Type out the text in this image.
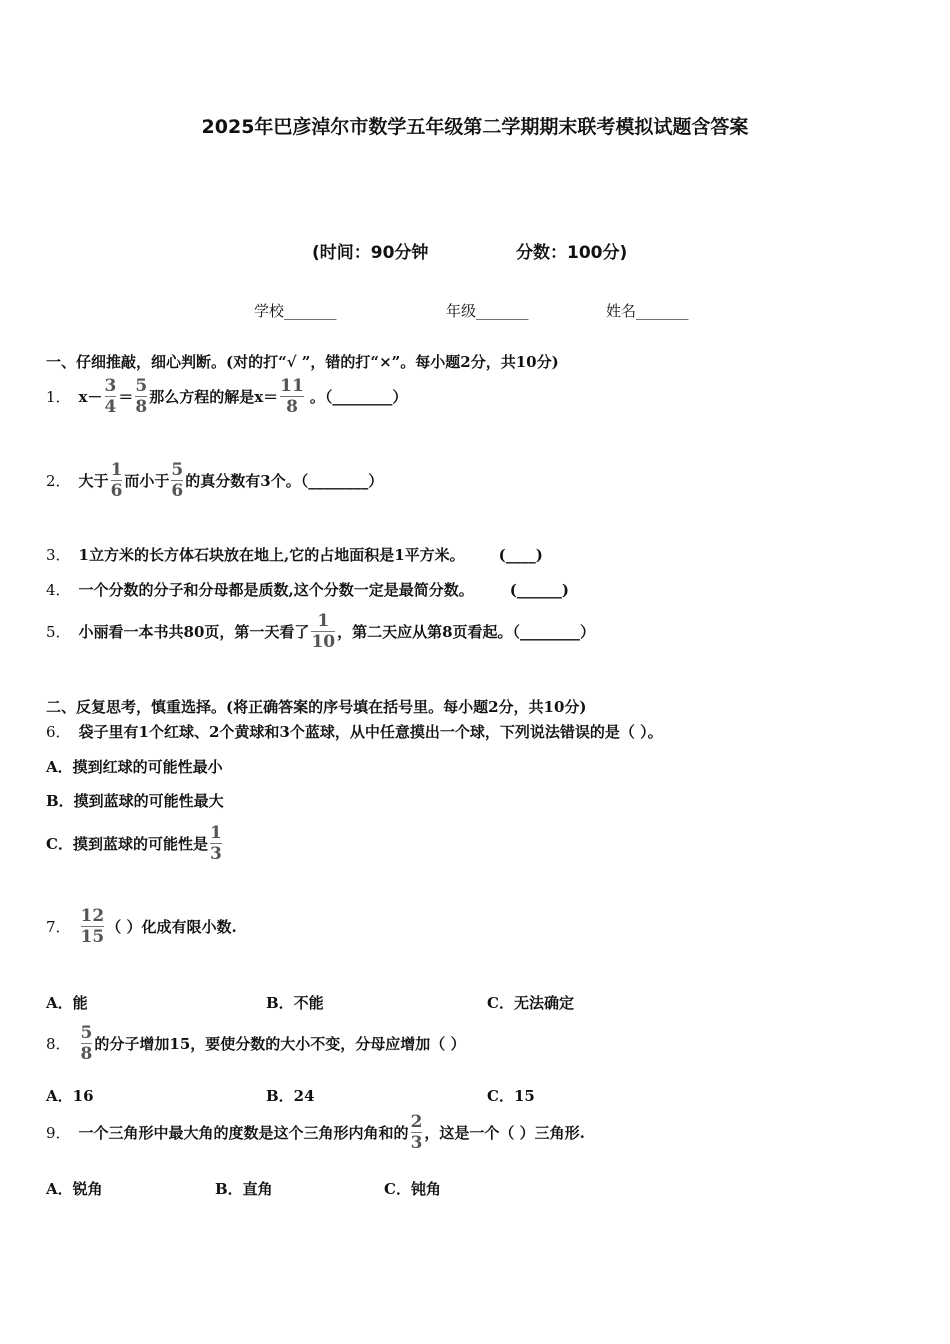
2025年巴彦淖尔市数学五年级第二学期期末联考模拟试题含答案
(时间：90分钟	分数：100分)
学校_______	年级_______	姓名_______
一、仔细推敲，细心判断。(对的打“√ ”，错的打“×”。每小题2分，共10分)
1． $x- \frac{3}{4} = \frac{5}{8}$ 那么方程的解是$x= \frac{11}{8}$ 。（________）
2． 大于 $\frac{1}{6}$ 而小于 $\frac{5}{6}$ 的真分数有3个。（________）
3． 1立方米的长方体石块放在地上,它的占地面积是1平方米。 (____)
4． 一个分数的分子和分母都是质数,这个分数一定是最简分数。 (______)
5． 小丽看一本书共80页，第一天看了 $\frac{1}{10}$ ，第二天应从第8页看起。（________）
二、反复思考，慎重选择。(将正确答案的序号填在括号里。每小题2分，共10分)
6． 袋子里有1个红球、2个黄球和3个蓝球，从中任意摸出一个球，下列说法错误的是（ ）。
A．摸到红球的可能性最小
B．摸到蓝球的可能性最大
C．摸到蓝球的可能性是 $\frac{1}{3}$
7． $\frac{12}{15}$ （ ）化成有限小数.
A．能	B．不能	C．无法确定
8． $\frac{5}{8}$ 的分子增加15，要使分数的大小不变，分母应增加（ ）
A．16	B．24	C．15
9． 一个三角形中最大角的度数是这个三角形内角和的 $\frac{2}{3}$ ，这是一个（ ）三角形.
A．锐角	B．直角	C．钝角
